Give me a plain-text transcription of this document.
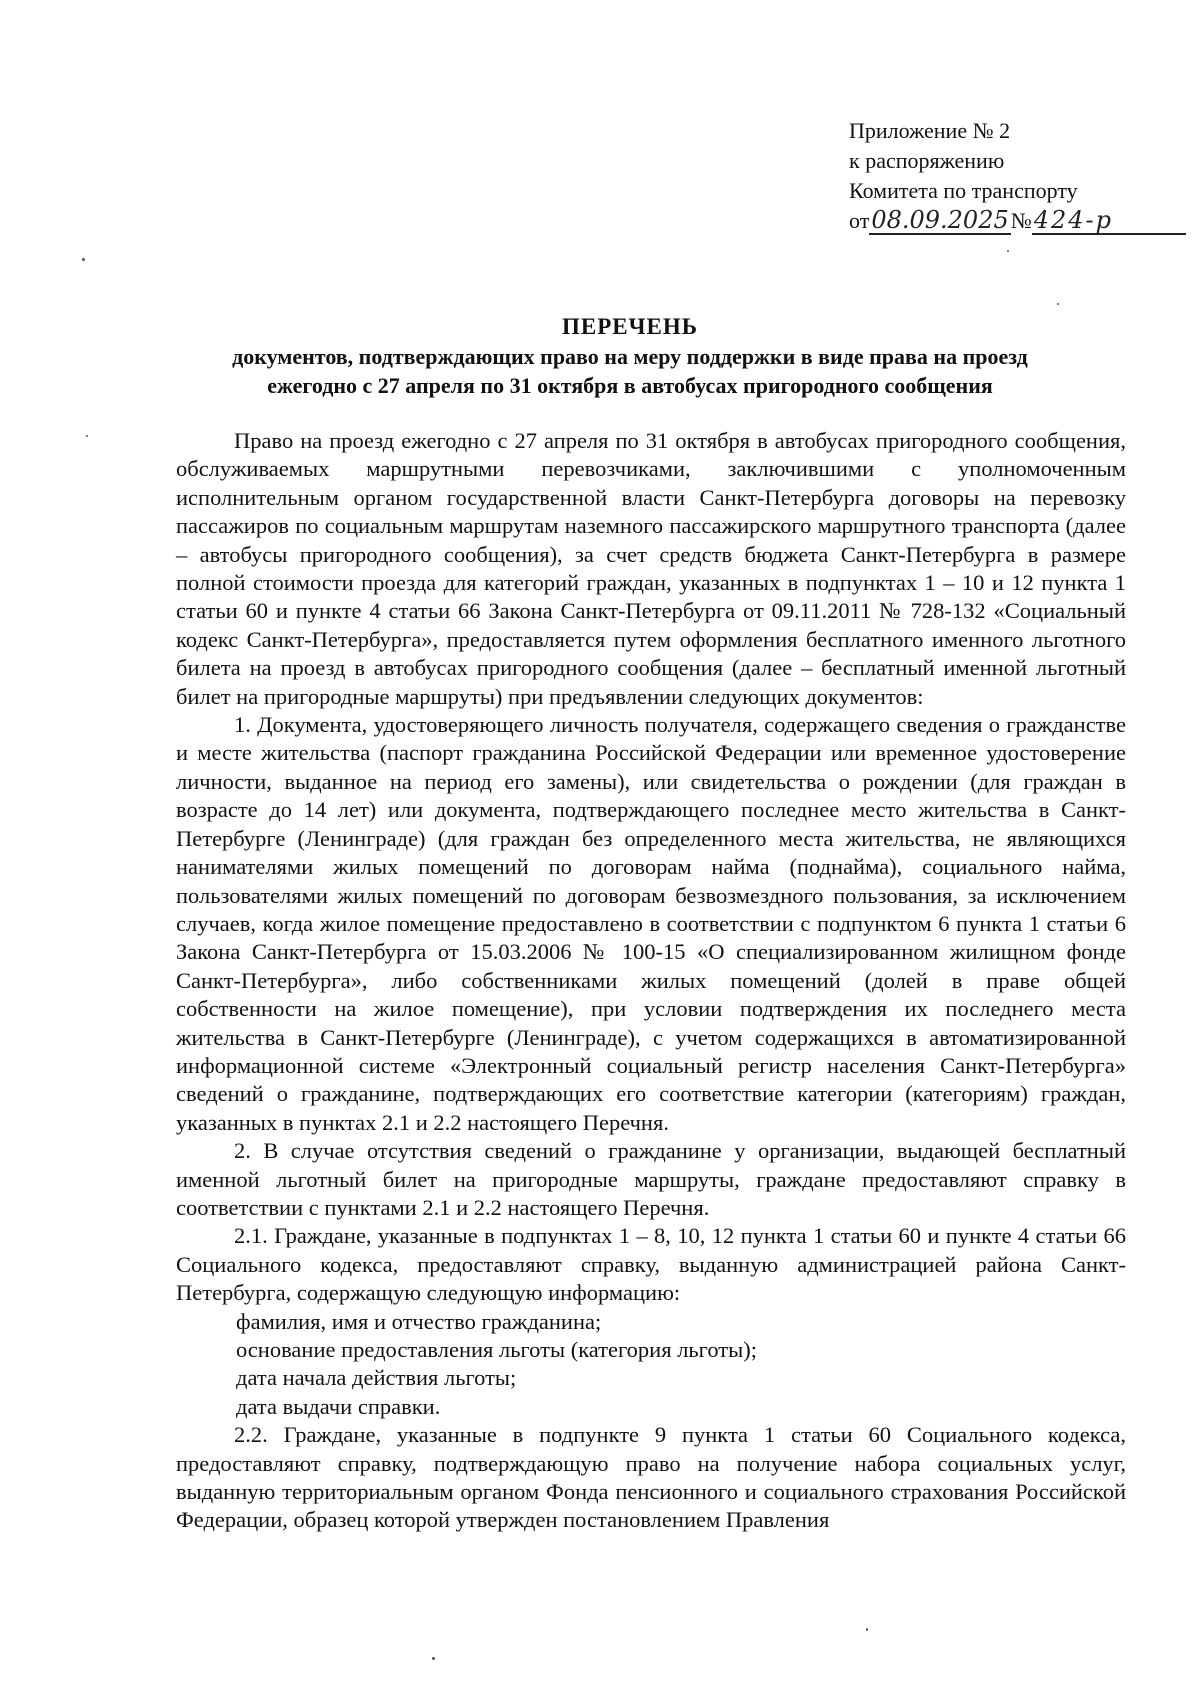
Приложение № 2
к распоряжению
Комитета по транспорту
от 08.09.2025 № 424-р
ПЕРЕЧЕНЬ
документов, подтверждающих право на меру поддержки в виде права на проезд
ежегодно с 27 апреля по 31 октября в автобусах пригородного сообщения

Право на проезд ежегодно с 27 апреля по 31 октября в автобусах пригородного сообщения, обслуживаемых маршрутными перевозчиками, заключившими с уполномоченным исполнительным органом государственной власти Санкт-Петербурга договоры на перевозку пассажиров по социальным маршрутам наземного пассажирского маршрутного транспорта (далее – автобусы пригородного сообщения), за счет средств бюджета Санкт-Петербурга в размере полной стоимости проезда для категорий граждан, указанных в подпунктах 1 – 10 и 12 пункта 1 статьи 60 и пункте 4 статьи 66 Закона Санкт-Петербурга от 09.11.2011 № 728-132 «Социальный кодекс Санкт-Петербурга», предоставляется путем оформления бесплатного именного льготного билета на проезд в автобусах пригородного сообщения (далее – бесплатный именной льготный билет на пригородные маршруты) при предъявлении следующих документов:

1. Документа, удостоверяющего личность получателя, содержащего сведения о гражданстве и месте жительства (паспорт гражданина Российской Федерации или временное удостоверение личности, выданное на период его замены), или свидетельства о рождении (для граждан в возрасте до 14 лет) или документа, подтверждающего последнее место жительства в Санкт-Петербурге (Ленинграде) (для граждан без определенного места жительства, не являющихся нанимателями жилых помещений по договорам найма (поднайма), социального найма, пользователями жилых помещений по договорам безвозмездного пользования, за исключением случаев, когда жилое помещение предоставлено в соответствии с подпунктом 6 пункта 1 статьи 6 Закона Санкт-Петербурга от 15.03.2006 № 100-15 «О специализированном жилищном фонде Санкт-Петербурга», либо собственниками жилых помещений (долей в праве общей собственности на жилое помещение), при условии подтверждения их последнего места жительства в Санкт-Петербурге (Ленинграде), с учетом содержащихся в автоматизированной информационной системе «Электронный социальный регистр населения Санкт-Петербурга» сведений о гражданине, подтверждающих его соответствие категории (категориям) граждан, указанных в пунктах 2.1 и 2.2 настоящего Перечня.

2. В случае отсутствия сведений о гражданине у организации, выдающей бесплатный именной льготный билет на пригородные маршруты, граждане предоставляют справку в соответствии с пунктами 2.1 и 2.2 настоящего Перечня.

2.1. Граждане, указанные в подпунктах 1 – 8, 10, 12 пункта 1 статьи 60 и пункте 4 статьи 66 Социального кодекса, предоставляют справку, выданную администрацией района Санкт-Петербурга, содержащую следующую информацию:

фамилия, имя и отчество гражданина;

основание предоставления льготы (категория льготы);

дата начала действия льготы;

дата выдачи справки.

2.2. Граждане, указанные в подпункте 9 пункта 1 статьи 60 Социального кодекса, предоставляют справку, подтверждающую право на получение набора социальных услуг, выданную территориальным органом Фонда пенсионного и социального страхования Российской Федерации, образец которой утвержден постановлением Правления
